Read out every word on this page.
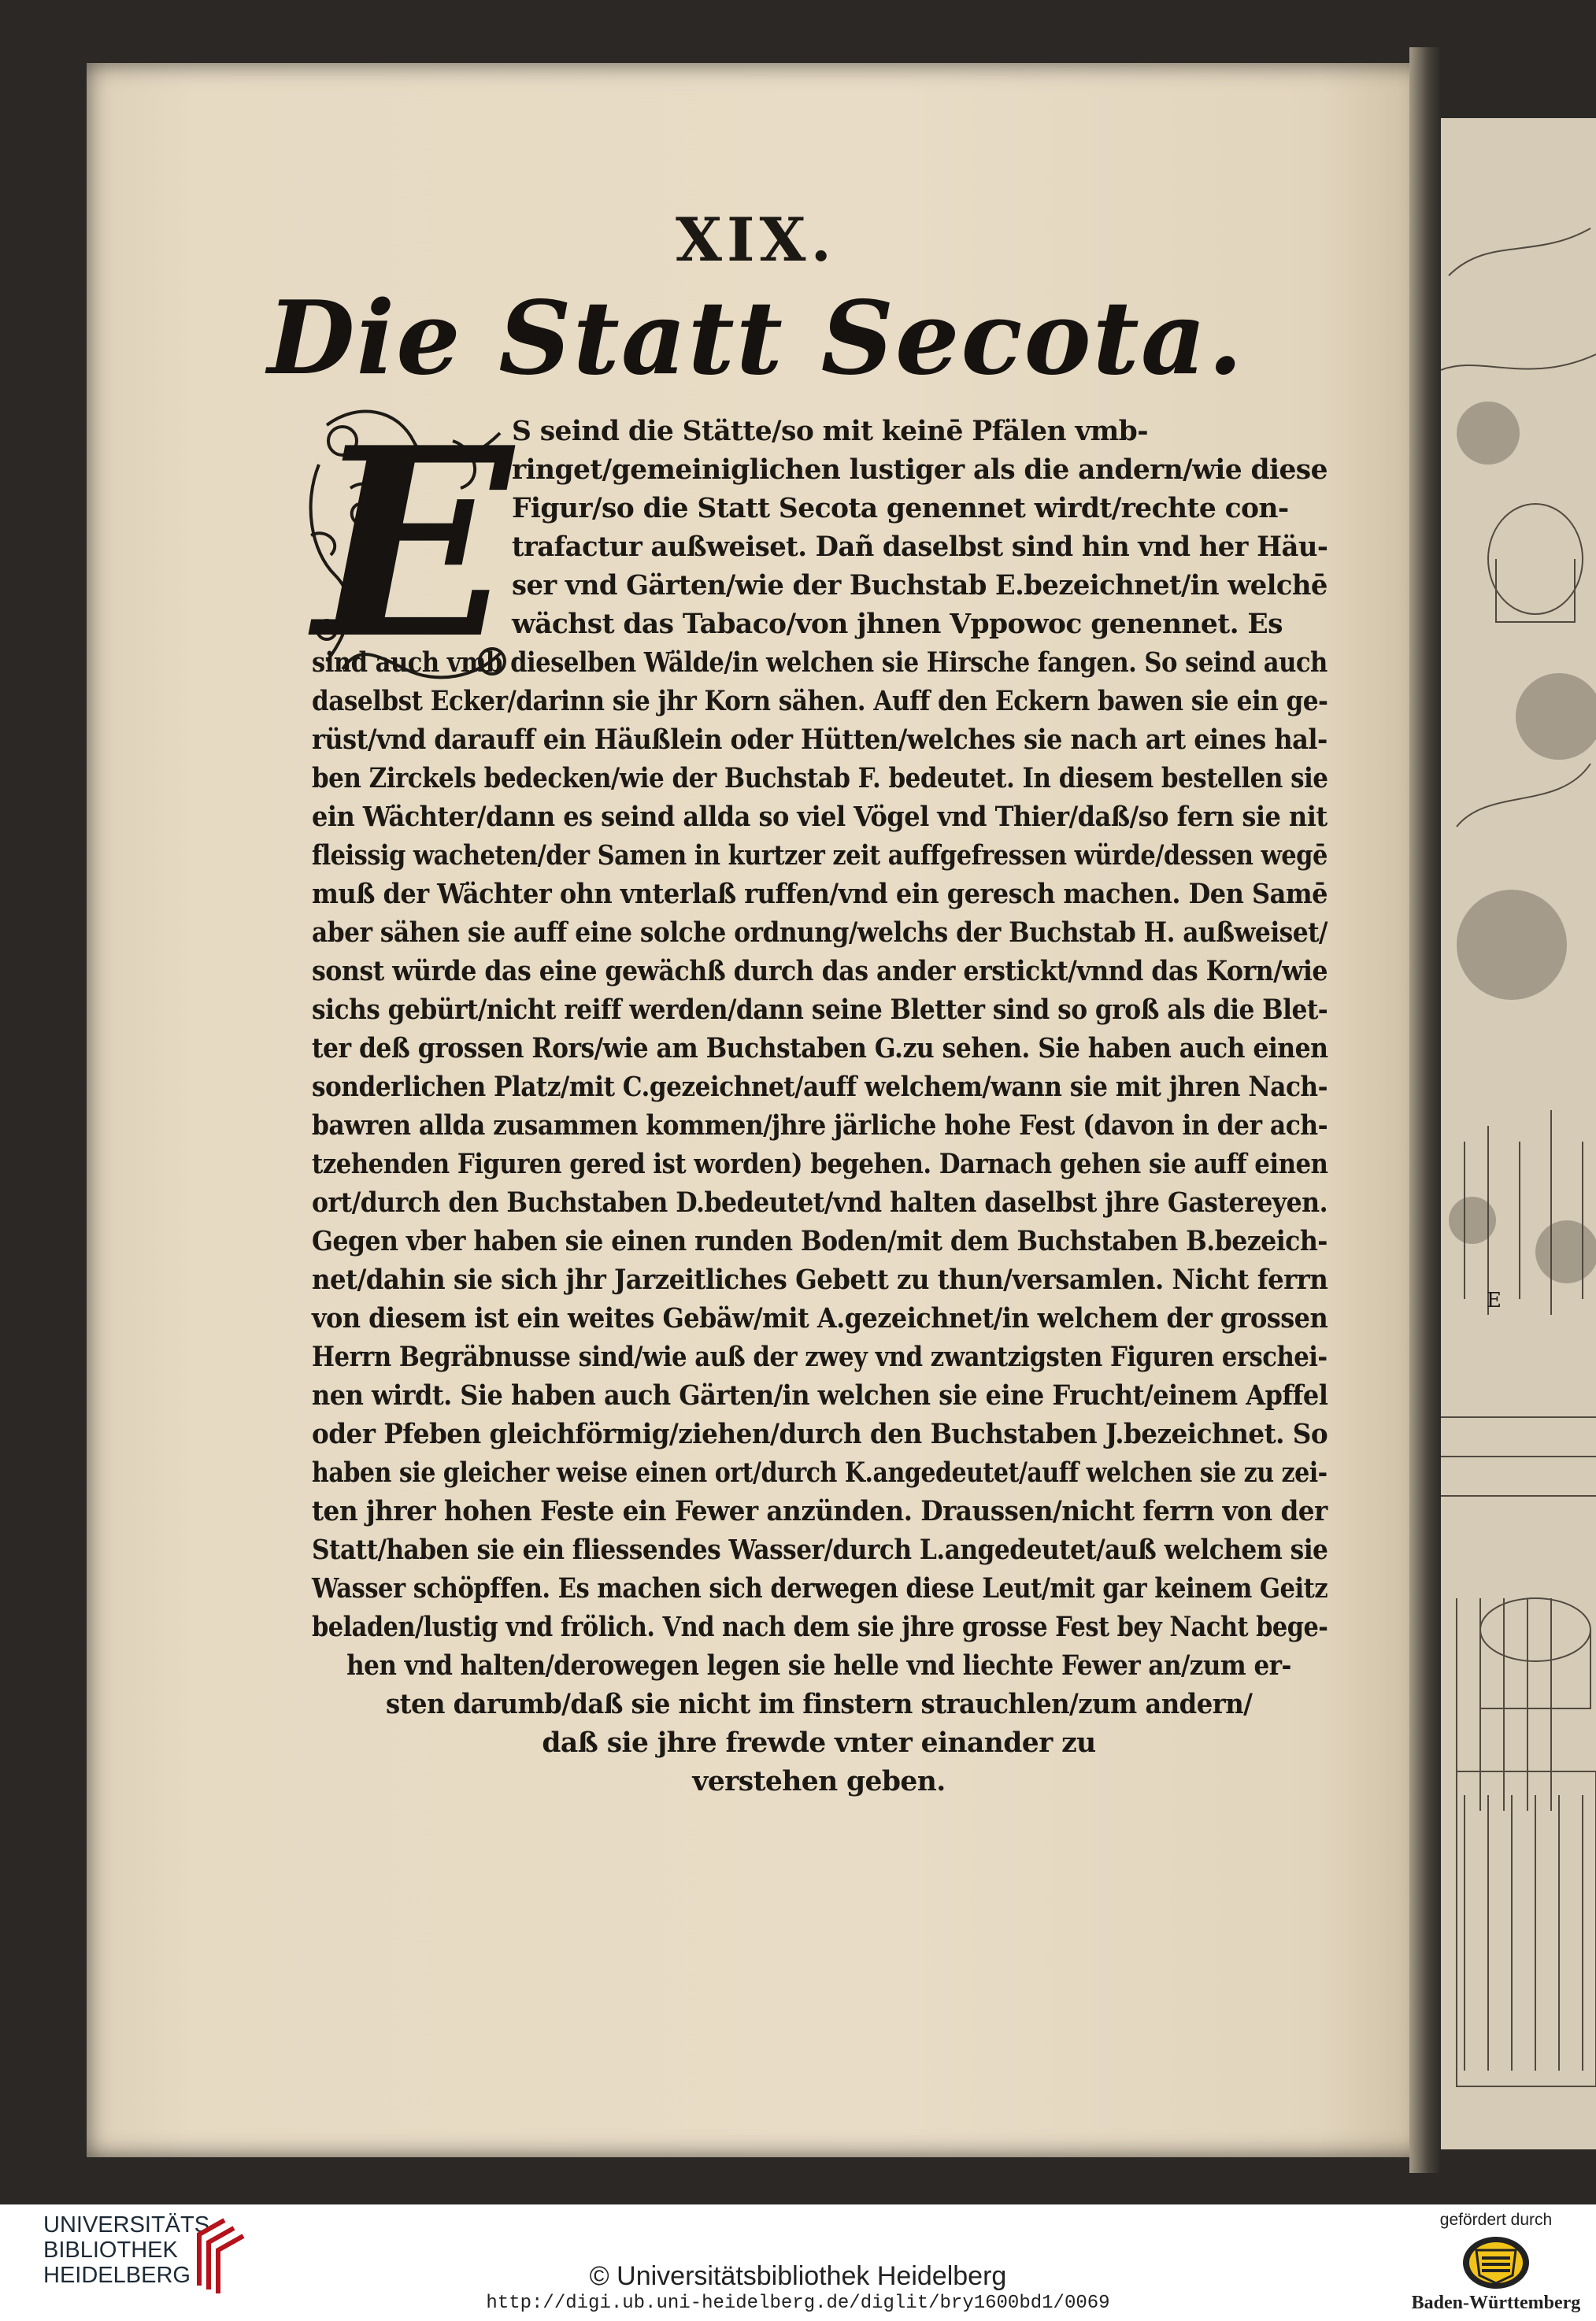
XIX.
Die Statt Secota.
E S seind die Stätte/so mit keinē Pfälen vmb-
ringet/gemeiniglichen lustiger als die andern/wie diese
Figur/so die Statt Secota genennet wirdt/rechte con-
trafactur außweiset. Dañ daselbst sind hin vnd her Häu-
ser vnd Gärten/wie der Buchstab E.bezeichnet/in welchē
wächst das Tabaco/von jhnen Vppowoc genennet. Es
sind auch vmb dieselben Wälde/in welchen sie Hirsche fangen. So seind auch
daselbst Ecker/darinn sie jhr Korn sähen. Auff den Eckern bawen sie ein ge-
rüst/vnd darauff ein Häußlein oder Hütten/welches sie nach art eines hal-
ben Zirckels bedecken/wie der Buchstab F. bedeutet. In diesem bestellen sie
ein Wächter/dann es seind allda so viel Vögel vnd Thier/daß/so fern sie nit
fleissig wacheten/der Samen in kurtzer zeit auffgefressen würde/dessen wegē
muß der Wächter ohn vnterlaß ruffen/vnd ein geresch machen. Den Samē
aber sähen sie auff eine solche ordnung/welchs der Buchstab H. außweiset/
sonst würde das eine gewächß durch das ander erstickt/vnnd das Korn/wie
sichs gebürt/nicht reiff werden/dann seine Bletter sind so groß als die Blet-
ter deß grossen Rors/wie am Buchstaben G.zu sehen. Sie haben auch einen
sonderlichen Platz/mit C.gezeichnet/auff welchem/wann sie mit jhren Nach-
bawren allda zusammen kommen/jhre järliche hohe Fest (davon in der ach-
tzehenden Figuren gered ist worden) begehen. Darnach gehen sie auff einen
ort/durch den Buchstaben D.bedeutet/vnd halten daselbst jhre Gastereyen.
Gegen vber haben sie einen runden Boden/mit dem Buchstaben B.bezeich-
net/dahin sie sich jhr Jarzeitliches Gebett zu thun/versamlen. Nicht ferrn
von diesem ist ein weites Gebäw/mit A.gezeichnet/in welchem der grossen
Herrn Begräbnusse sind/wie auß der zwey vnd zwantzigsten Figuren erschei-
nen wirdt. Sie haben auch Gärten/in welchen sie eine Frucht/einem Apffel
oder Pfeben gleichförmig/ziehen/durch den Buchstaben J.bezeichnet. So
haben sie gleicher weise einen ort/durch K.angedeutet/auff welchen sie zu zei-
ten jhrer hohen Feste ein Fewer anzünden. Draussen/nicht ferrn von der
Statt/haben sie ein fliessendes Wasser/durch L.angedeutet/auß welchem sie
Wasser schöpffen. Es machen sich derwegen diese Leut/mit gar keinem Geitz
beladen/lustig vnd frölich. Vnd nach dem sie jhre grosse Fest bey Nacht bege-
hen vnd halten/derowegen legen sie helle vnd liechte Fewer an/zum er-
sten darumb/daß sie nicht im finstern strauchlen/zum andern/
daß sie jhre frewde vnter einander zu
verstehen geben.
E
UNIVERSITÄTS-
BIBLIOTHEK
HEIDELBERG	© Universitätsbibliothek Heidelberg
http://digi.ub.uni-heidelberg.de/diglit/bry1600bd1/0069
gefördert durch
Baden-Württemberg
